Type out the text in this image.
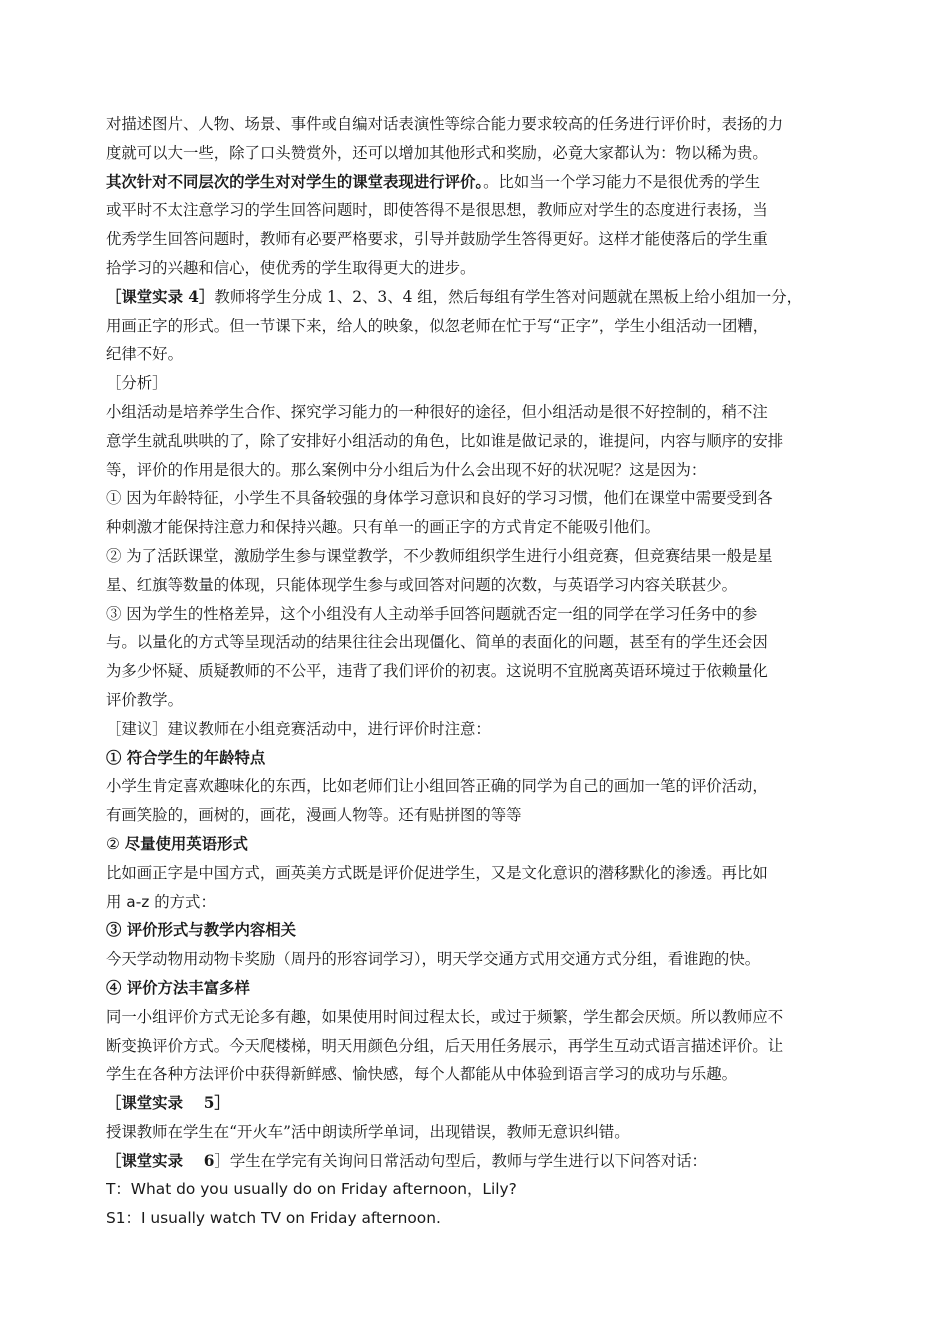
对描述图片、人物、场景、事件或自编对话表演性等综合能力要求较高的任务进行评价时，表扬的力
度就可以大一些，除了口头赞赏外，还可以增加其他形式和奖励，必竟大家都认为：物以稀为贵。
其次针对不同层次的学生对对学生的课堂表现进行评价。。比如当一个学习能力不是很优秀的学生
或平时不太注意学习的学生回答问题时，即使答得不是很思想，教师应对学生的态度进行表扬，当
优秀学生回答问题时，教师有必要严格要求，引导并鼓励学生答得更好。这样才能使落后的学生重
拾学习的兴趣和信心，使优秀的学生取得更大的进步。
［课堂实录 4］教师将学生分成 1、2、3、4 组，然后每组有学生答对问题就在黑板上给小组加一分，
用画正字的形式。但一节课下来，给人的映象，似忽老师在忙于写“正字”，学生小组活动一团糟，
纪律不好。
［分析］
小组活动是培养学生合作、探究学习能力的一种很好的途径，但小组活动是很不好控制的，稍不注
意学生就乱哄哄的了，除了安排好小组活动的角色，比如谁是做记录的，谁提问，内容与顺序的安排
等，评价的作用是很大的。那么案例中分小组后为什么会出现不好的状况呢？这是因为：
① 因为年龄特征，小学生不具备较强的身体学习意识和良好的学习习惯，他们在课堂中需要受到各
种刺激才能保持注意力和保持兴趣。只有单一的画正字的方式肯定不能吸引他们。
② 为了活跃课堂，激励学生参与课堂教学，不少教师组织学生进行小组竞赛，但竞赛结果一般是星
星、红旗等数量的体现，只能体现学生参与或回答对问题的次数，与英语学习内容关联甚少。
③ 因为学生的性格差异，这个小组没有人主动举手回答问题就否定一组的同学在学习任务中的参
与。以量化的方式等呈现活动的结果往往会出现僵化、简单的表面化的问题，甚至有的学生还会因
为多少怀疑、质疑教师的不公平，违背了我们评价的初衷。这说明不宜脱离英语环境过于依赖量化
评价教学。
［建议］建议教师在小组竞赛活动中，进行评价时注意：
① 符合学生的年龄特点
小学生肯定喜欢趣味化的东西，比如老师们让小组回答正确的同学为自己的画加一笔的评价活动，
有画笑脸的，画树的，画花，漫画人物等。还有贴拼图的等等
② 尽量使用英语形式
比如画正字是中国方式，画英美方式既是评价促进学生，又是文化意识的潜移默化的渗透。再比如
用 a-z 的方式：
③ 评价形式与教学内容相关
今天学动物用动物卡奖励（周丹的形容词学习），明天学交通方式用交通方式分组，看谁跑的快。
④ 评价方法丰富多样
同一小组评价方式无论多有趣，如果使用时间过程太长，或过于频繁，学生都会厌烦。所以教师应不
断变换评价方式。今天爬楼梯，明天用颜色分组，后天用任务展示，再学生互动式语言描述评价。让
学生在各种方法评价中获得新鲜感、愉快感，每个人都能从中体验到语言学习的成功与乐趣。
［课堂实录　 5］
授课教师在学生在“开火车”活中朗读所学单词，出现错误，教师无意识纠错。
［课堂实录　 6］学生在学完有关询问日常活动句型后，教师与学生进行以下问答对话：
T：What do you usually do on Friday afternoon，Lily?
S1：I usually watch TV on Friday afternoon.
